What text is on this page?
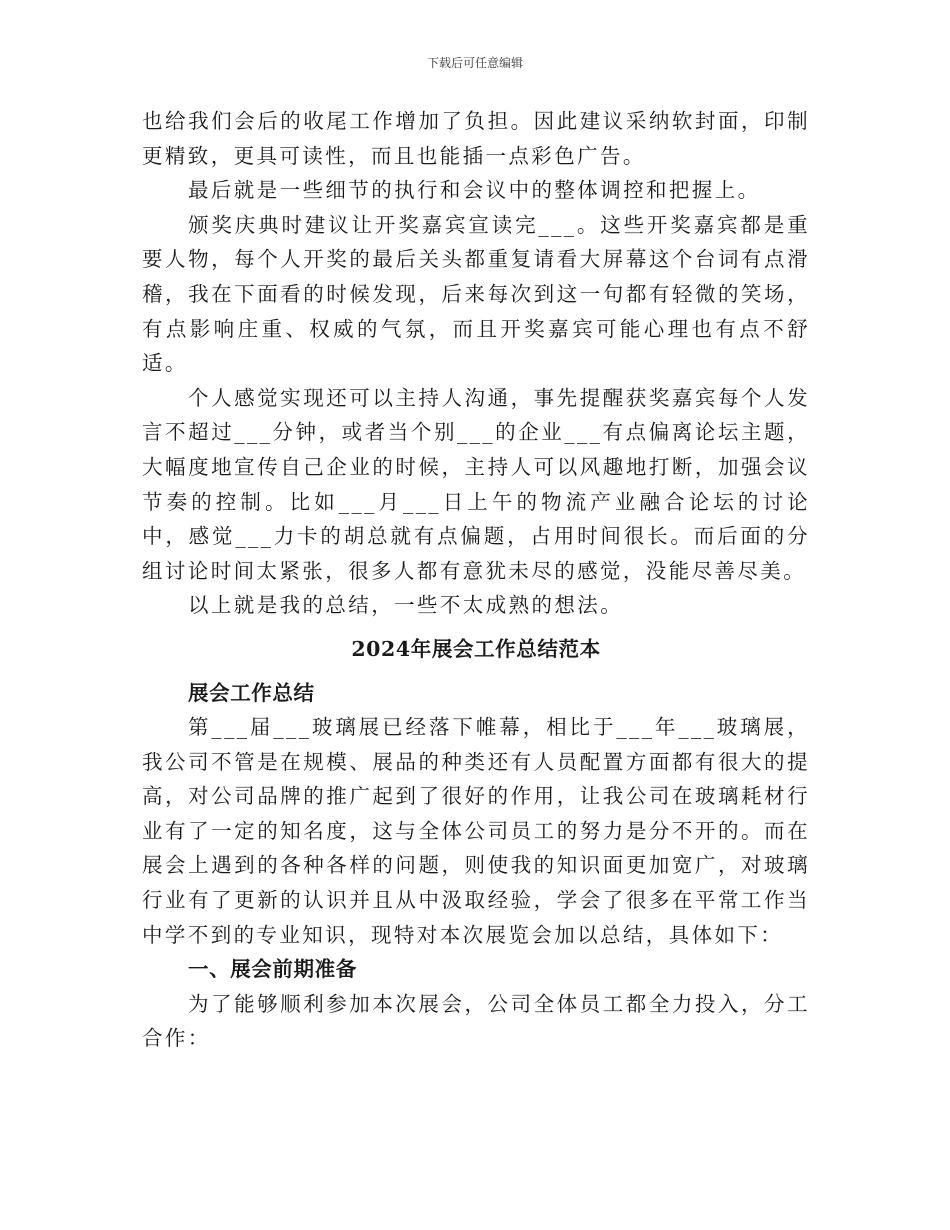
下载后可任意编辑

也给我们会后的收尾工作增加了负担。因此建议采纳软封面，印制更精致，更具可读性，而且也能插一点彩色广告。

最后就是一些细节的执行和会议中的整体调控和把握上。

颁奖庆典时建议让开奖嘉宾宣读完___。这些开奖嘉宾都是重要人物，每个人开奖的最后关头都重复请看大屏幕这个台词有点滑稽，我在下面看的时候发现，后来每次到这一句都有轻微的笑场，有点影响庄重、权威的气氛，而且开奖嘉宾可能心理也有点不舒适。

个人感觉实现还可以主持人沟通，事先提醒获奖嘉宾每个人发言不超过___分钟，或者当个别___的企业___有点偏离论坛主题，大幅度地宣传自己企业的时候，主持人可以风趣地打断，加强会议节奏的控制。比如___月___日上午的物流产业融合论坛的讨论中，感觉___力卡的胡总就有点偏题，占用时间很长。而后面的分组讨论时间太紧张，很多人都有意犹未尽的感觉，没能尽善尽美。

以上就是我的总结，一些不太成熟的想法。

2024年展会工作总结范本
展会工作总结

第___届___玻璃展已经落下帷幕，相比于___年___玻璃展，我公司不管是在规模、展品的种类还有人员配置方面都有很大的提高，对公司品牌的推广起到了很好的作用，让我公司在玻璃耗材行业有了一定的知名度，这与全体公司员工的努力是分不开的。而在展会上遇到的各种各样的问题，则使我的知识面更加宽广，对玻璃行业有了更新的认识并且从中汲取经验，学会了很多在平常工作当中学不到的专业知识，现特对本次展览会加以总结，具体如下：

一、展会前期准备

为了能够顺利参加本次展会，公司全体员工都全力投入，分工合作：
